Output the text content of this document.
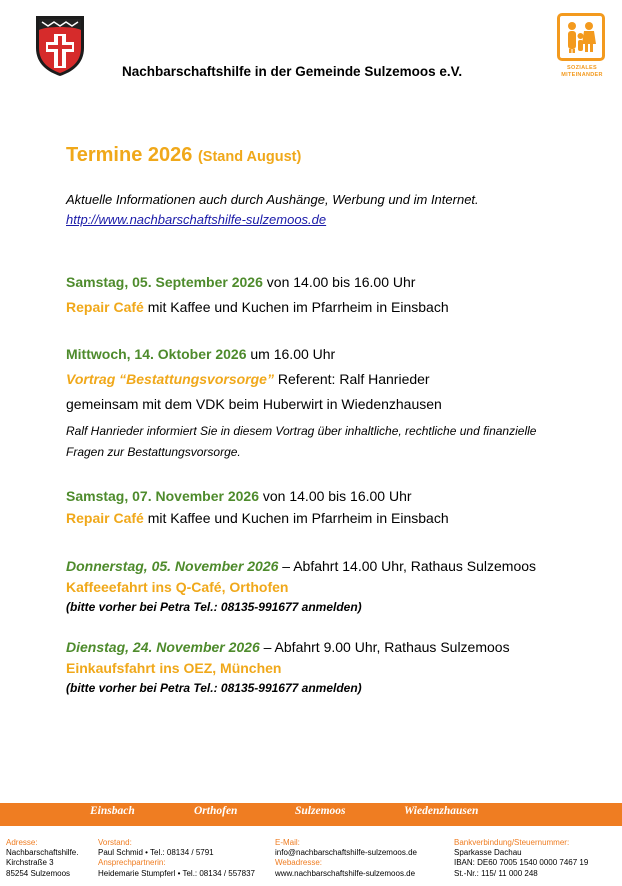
Nachbarschaftshilfe in der Gemeinde Sulzemoos e.V.	SOZIALES
MITEINANDER
Termine 2026 (Stand August)
Aktuelle Informationen auch durch Aushänge, Werbung und im Internet.
http://www.nachbarschaftshilfe-sulzemoos.de
Samstag, 05. September 2026 von 14.00 bis 16.00 Uhr
Repair Café mit Kaffee und Kuchen im Pfarrheim in Einsbach
Mittwoch, 14. Oktober 2026 um 16.00 Uhr
Vortrag “Bestattungsvorsorge” Referent: Ralf Hanrieder
gemeinsam mit dem VDK beim Huberwirt in Wiedenzhausen
Ralf Hanrieder informiert Sie in diesem Vortrag über inhaltliche, rechtliche und finanzielle Fragen zur Bestattungsvorsorge.
Samstag, 07. November 2026 von 14.00 bis 16.00 Uhr
Repair Café mit Kaffee und Kuchen im Pfarrheim in Einsbach
Donnerstag, 05. November 2026 – Abfahrt 14.00 Uhr, Rathaus Sulzemoos
Kaffeeefahrt ins Q-Café, Orthofen
(bitte vorher bei Petra Tel.: 08135-991677 anmelden)
Dienstag, 24. November 2026 – Abfahrt 9.00 Uhr, Rathaus Sulzemoos
Einkaufsfahrt ins OEZ, München
(bitte vorher bei Petra Tel.: 08135-991677 anmelden)
Einsbach	Orthofen	Sulzemoos	Wiedenzhausen
Adresse:
Nachbarschaftshilfe.
Kirchstraße 3
85254 Sulzemoos
Vorstand:
Paul Schmid • Tel.: 08134 / 5791
Ansprechpartnerin:
Heidemarie Stumpferl • Tel.: 08134 / 557837
E-Mail:
info@nachbarschaftshilfe-sulzemoos.de
Webadresse:
www.nachbarschaftshilfe-sulzemoos.de
Bankverbindung/Steuernummer:
Sparkasse Dachau
IBAN: DE60 7005 1540 0000 7467 19
St.-Nr.: 115/ 11 000 248
